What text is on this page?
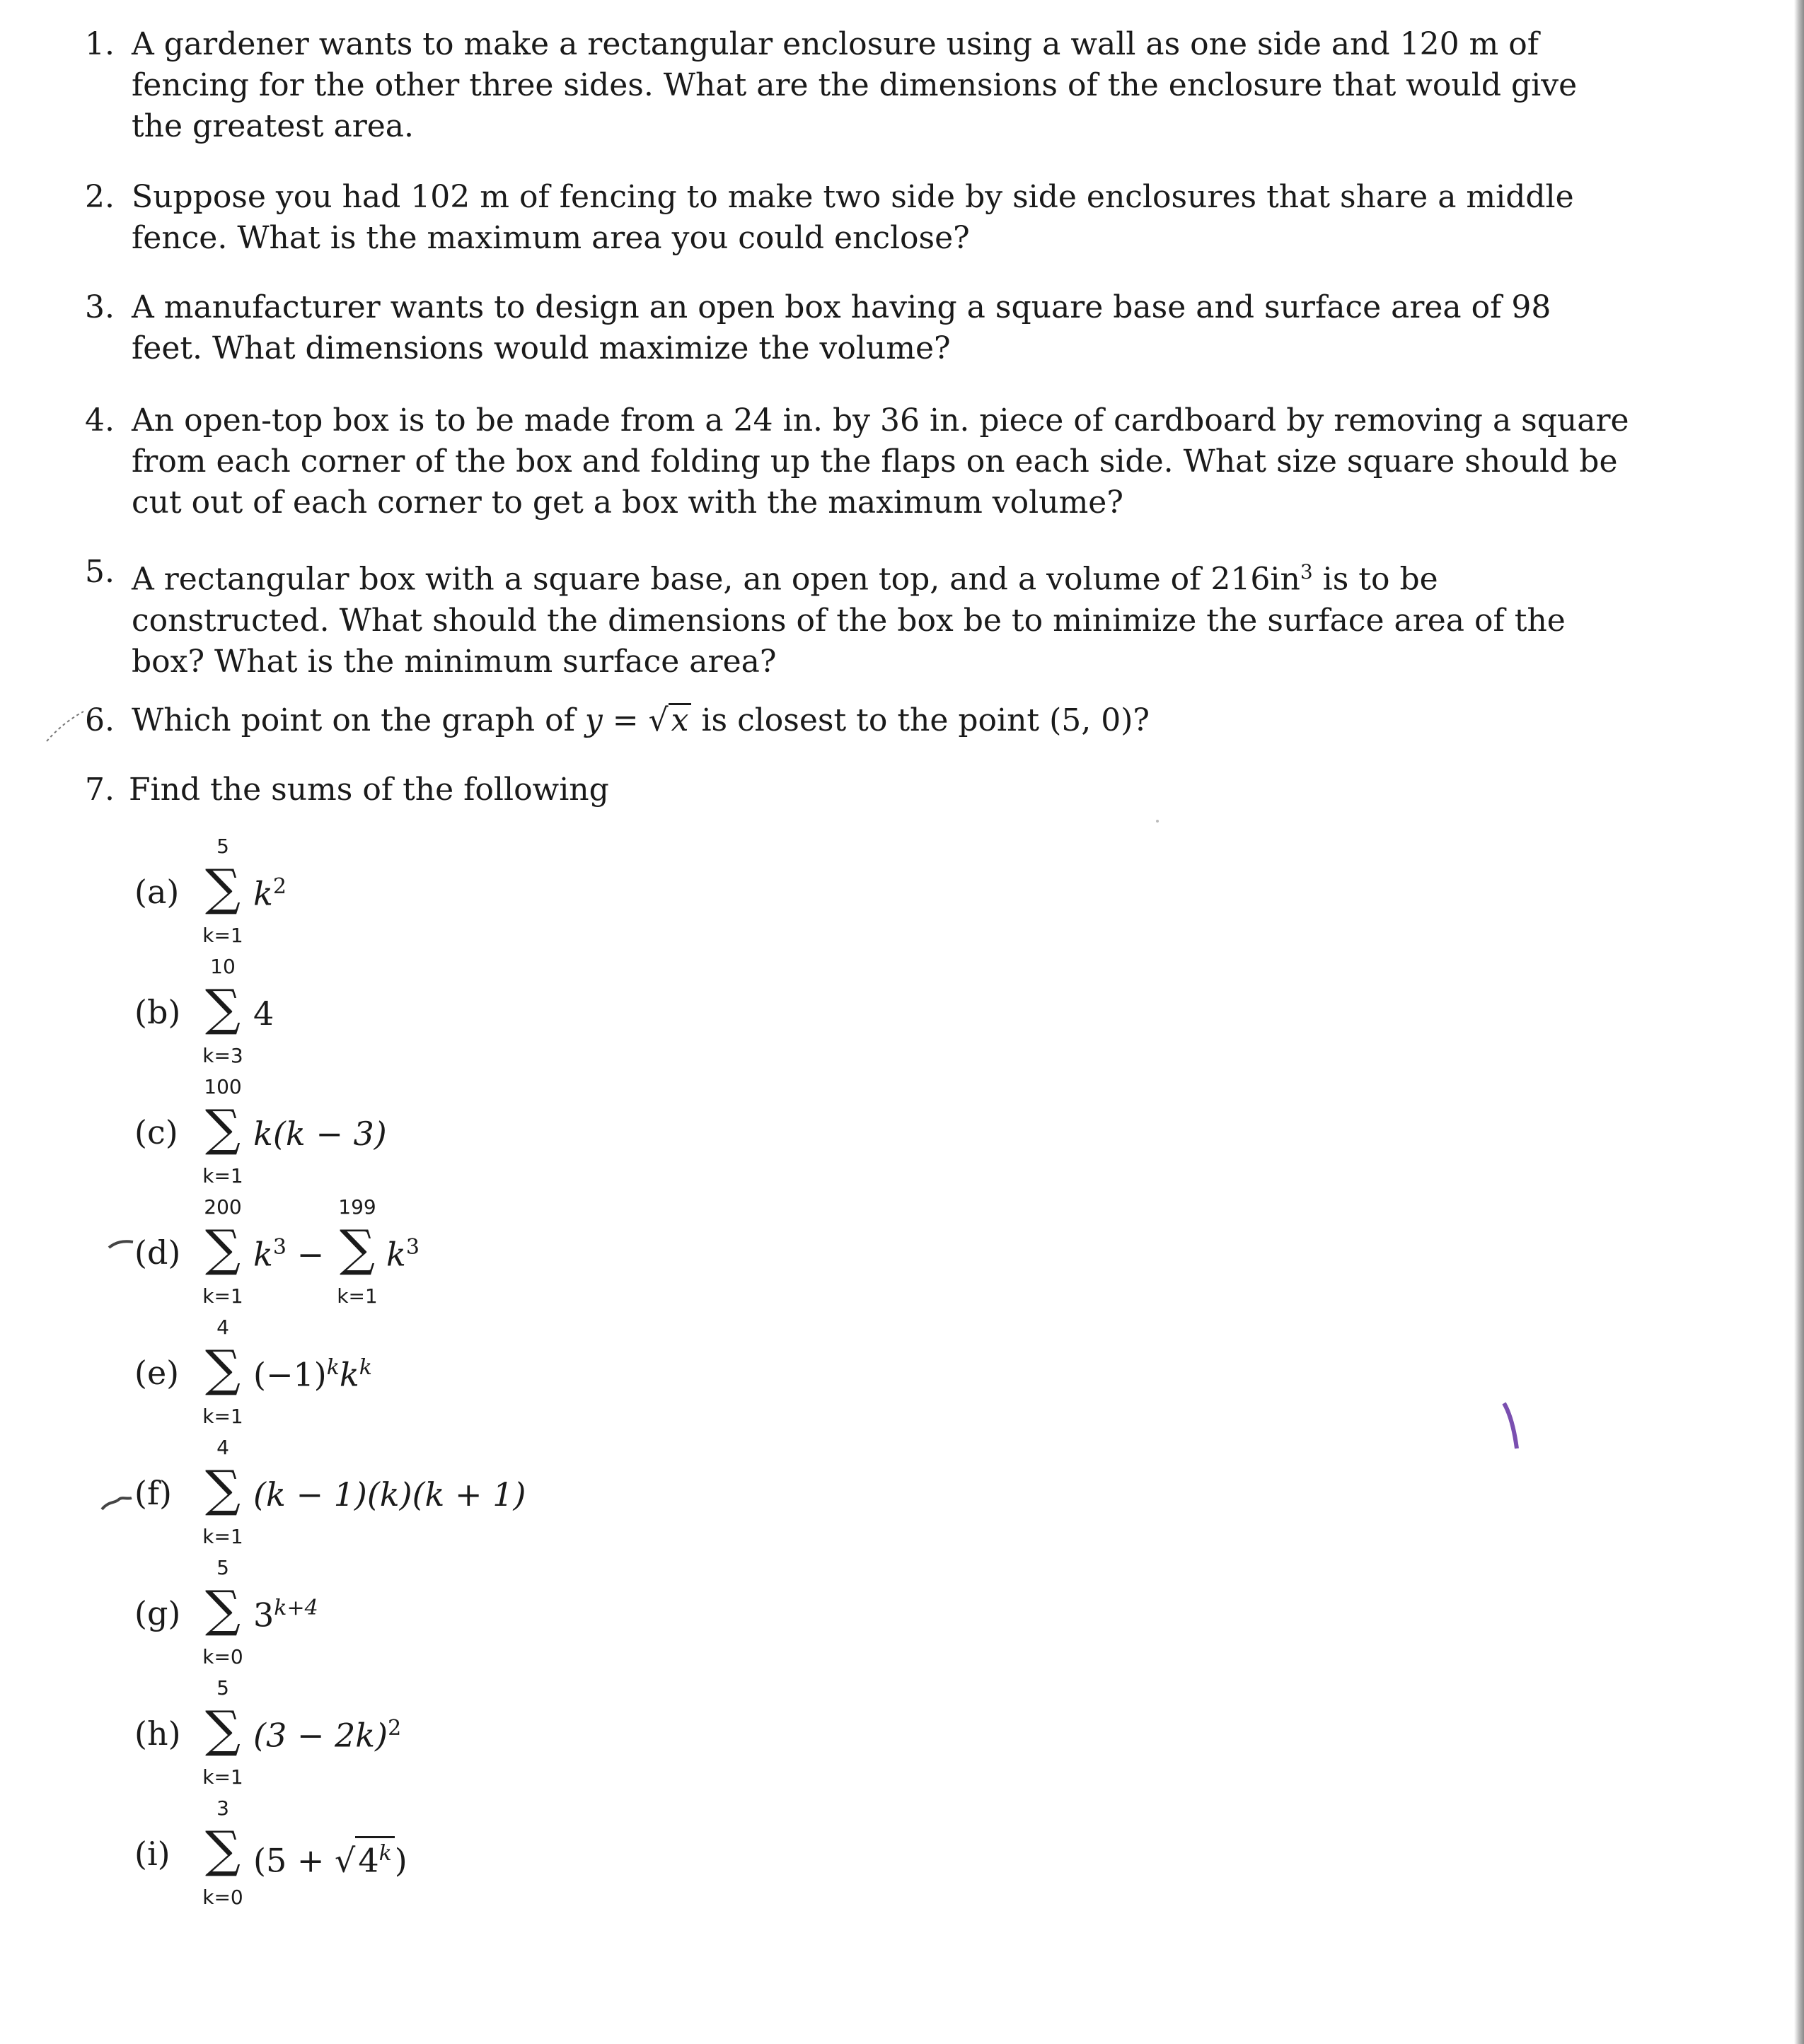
1. A gardener wants to make a rectangular enclosure using a wall as one side and 120 m of fencing for the other three sides. What are the dimensions of the enclosure that would give the greatest area.
2. Suppose you had 102 m of fencing to make two side by side enclosures that share a middle fence. What is the maximum area you could enclose?
3. A manufacturer wants to design an open box having a square base and surface area of 98 feet. What dimensions would maximize the volume?
4. An open-top box is to be made from a 24 in. by 36 in. piece of cardboard by removing a square from each corner of the box and folding up the flaps on each side. What size square should be cut out of each corner to get a box with the maximum volume?
5. A rectangular box with a square base, an open top, and a volume of $216in^3$ is to be constructed. What should the dimensions of the box be to minimize the surface area of the box? What is the minimum surface area?
6. Which point on the graph of y = √x is closest to the point (5, 0)?
7. Find the sums of the following
(a)
5
∑
k=1
$k^2$
(b)
10
∑
k=3
4
(c)
100
∑
k=1
k(k − 3)
(d)
200
∑
k=1
$k^3$ −
199
∑
k=1
$k^3$
(e)
4
∑
k=1
$(-1)^kk^k$
(f)
4
∑
k=1
(k − 1)(k)(k + 1)
(g)
5
∑
k=0
$3^{k+4}$
(h)
5
∑
k=1
$(3 - 2k)^2$
(i)
3
∑
k=0
$(5 + √4^k)$
